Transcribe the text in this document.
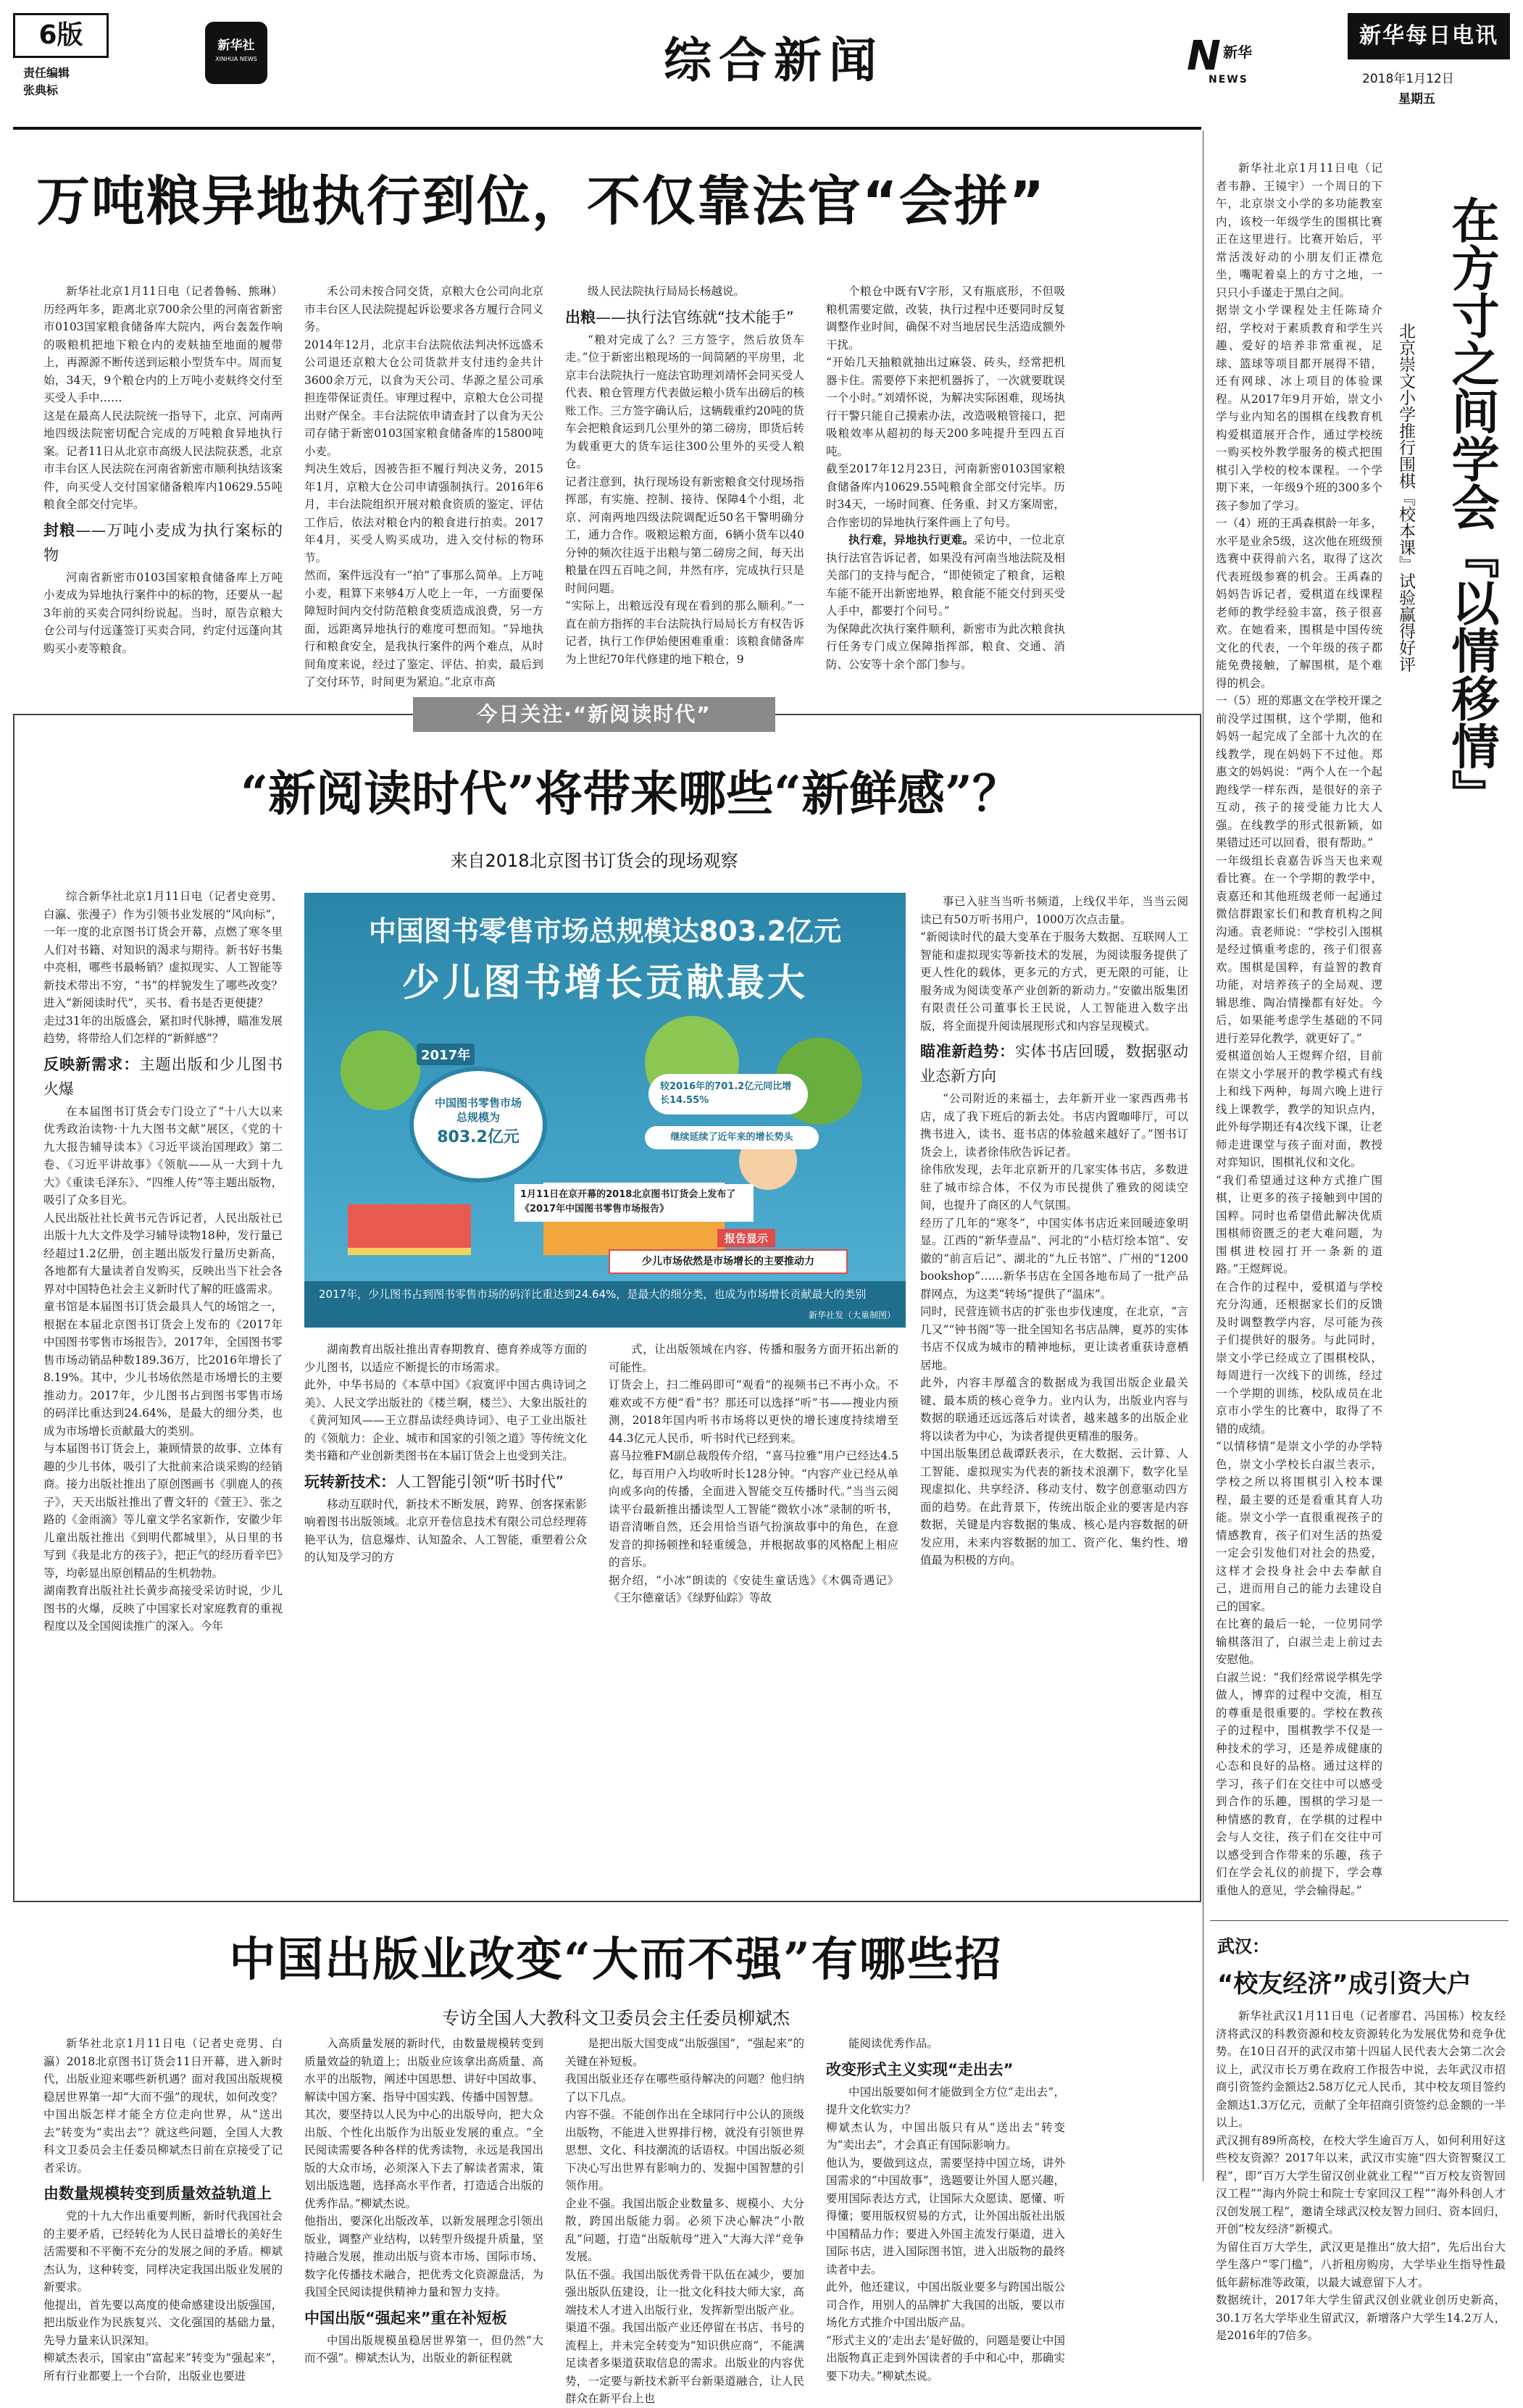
6版
责任编辑
张典标
新华社
XINHUA NEWS	综合新闻	N 新华
NEWS
新华每日电讯
2018年1月12日
星期五
万吨粮异地执行到位，不仅靠法官“会拼”

新华社北京1月11日电（记者鲁畅、熊琳）历经两年多，距离北京700余公里的河南省新密市0103国家粮食储备库大院内，两台轰轰作响的吸粮机把地下粮仓内的麦麸抽至地面的履带上，再源源不断传送到运粮小型货车中。周而复始，34天，9个粮仓内的上万吨小麦麸终交付至买受人手中……
这是在最高人民法院统一指导下，北京、河南两地四级法院密切配合完成的万吨粮食异地执行案。记者11日从北京市高级人民法院获悉，北京市丰台区人民法院在河南省新密市顺利执结该案件，向买受人交付国家储备粮库内10629.55吨粮食全部交付完毕。

封粮——万吨小麦成为执行案标的物

河南省新密市0103国家粮食储备库上万吨小麦成为异地执行案件中的标的物，还要从一起3年前的买卖合同纠纷说起。当时，原告京粮大仓公司与付远蓬签订买卖合同，约定付远蓬向其购买小麦等粮食。

禾公司未按合同交货，京粮大仓公司向北京市丰台区人民法院提起诉讼要求各方履行合同义务。
2014年12月，北京丰台法院依法判决怀远盛禾公司退还京粮大仓公司货款并支付违约金共计3600余万元，以食为天公司、华源之星公司承担连带保证责任。审理过程中，京粮大仓公司提出财产保全。丰台法院依申请查封了以食为天公司存储于新密0103国家粮食储备库的15800吨小麦。
判决生效后，因被告拒不履行判决义务，2015年1月，京粮大仓公司申请强制执行。2016年6月，丰台法院组织开展对粮食资质的鉴定、评估工作后，依法对粮仓内的粮食进行拍卖。2017年4月，买受人购买成功，进入交付标的物环节。
然而，案件远没有一“拍”了事那么简单。上万吨小麦，粗算下来够4万人吃上一年，一方面要保障短时间内交付防范粮食变质造成浪费，另一方面，远距离异地执行的难度可想而知。“异地执行和粮食安全，是我执行案件的两个难点，从时间角度来说，经过了鉴定、评估、拍卖，最后到了交付环节，时间更为紧迫。”北京市高

级人民法院执行局局长杨越说。

出粮——执行法官练就“技术能手”

“粮对完成了么？三方签字，然后放货车走。”位于新密出粮现场的一间简陋的平房里，北京丰台法院执行一庭法官助理刘靖怀会同买受人代表、粮仓管理方代表做运粮小货车出磅后的核账工作。三方签字确认后，这辆载重约20吨的货车会把粮食运到几公里外的第二磅房，即货后转为载重更大的货车运往300公里外的买受人粮仓。
记者注意到，执行现场设有新密粮食交付现场指挥部，有实施、控制、接待、保障4个小组，北京、河南两地四级法院调配近50名干警明确分工，通力合作。吸粮运粮方面，6辆小货车以40分钟的频次往返于出粮与第二磅房之间，每天出粮量在四五百吨之间，井然有序，完成执行只是时间问题。
“实际上，出粮远没有现在看到的那么顺利。”一直在前方指挥的丰台法院执行局局长方有权告诉记者，执行工作伊始便困难重重：该粮食储备库为上世纪70年代修建的地下粮仓，9

个粮仓中既有V字形，又有瓶底形，不但吸粮机需要定做，改装，执行过程中还要同时反复调整作业时间，确保不对当地居民生活造成额外干扰。
“开始几天抽粮就抽出过麻袋、砖头，经常把机器卡住。需要停下来把机器拆了，一次就要耽误一个小时。”刘靖怀说，为解决实际困难，现场执行干警只能自己摸索办法，改造吸粮管接口，把吸粮效率从超初的每天200多吨提升至四五百吨。
截至2017年12月23日，河南新密0103国家粮食储备库内10629.55吨粮食全部交付完毕。历时34天，一场时间赛、任务重、封又方案周密，合作密切的异地执行案件画上了句号。

执行难，异地执行更难。采访中，一位北京执行法官告诉记者，如果没有河南当地法院及相关部门的支持与配合，“即使锁定了粮食，运粮车能不能开出新密地界，粮食能不能交付到买受人手中，都要打个问号。”
为保障此次执行案件顺利，新密市为此次粮食执行任务专门成立保障指挥部，粮食、交通、消防、公安等十余个部门参与。	在方寸之间学会『以情移情』
北京崇文小学推行围棋『校本课』试验赢得好评

新华社北京1月11日电（记者韦静、王镜宇）一个周日的下午，北京崇文小学的多功能教室内，该校一年级学生的围棋比赛正在这里进行。比赛开始后，平常活泼好动的小朋友们正襟危坐，嘴呢着桌上的方寸之地，一只只小手谨走于黑白之间。
据崇文小学课程处主任陈琦介绍，学校对于素质教育和学生兴趣、爱好的培养非常重视，足球、篮球等项目都开展得不错，还有网球、冰上项目的体验课程。从2017年9月开始，崇文小学与业内知名的围棋在线教育机构爱棋道展开合作，通过学校统一购买校外教学服务的模式把围棋引入学校的校本课程。一个学期下来，一年级9个班的300多个孩子参加了学习。
一（4）班的王禹森棋龄一年多，水平是业余5级，这次他在班级预选赛中获得前六名，取得了这次代表班级参赛的机会。王禹森的妈妈告诉记者，爱棋道在线课程老师的教学经验丰富，孩子很喜欢。在她看来，围棋是中国传统文化的代表，一个年级的孩子都能免费接触，了解围棋，是个难得的机会。
一（5）班的郑惠文在学校开课之前没学过围棋，这个学期，他和妈妈一起完成了全部十九次的在线教学，现在妈妈下不过他。郑惠文的妈妈说：“两个人在一个起跑线学一样东西，是很好的亲子互动，孩子的接受能力比大人强。在线教学的形式很新颖，如果错过还可以回看，很有帮助。”
一年级组长袁嘉告诉当天也来观看比赛。在一个学期的教学中，袁嘉还和其他班级老师一起通过微信群跟家长们和教育机构之间沟通。袁老师说：“学校引入围棋是经过慎重考虑的，孩子们很喜欢。围棋是国粹，有益智的教育功能，对培养孩子的全局观、逻辑思维、陶冶情操都有好处。今后，如果能考虑学生基础的不同进行差异化教学，就更好了。”
爱棋道创始人王煜辉介绍，目前在崇文小学展开的教学模式有线上和线下两种，每周六晚上进行线上课教学，教学的知识点内，此外每学期还有4次线下课，让老师走进课堂与孩子面对面，教授对弈知识，围棋礼仪和文化。
“我们希望通过这种方式推广围棋，让更多的孩子接触到中国的国粹。同时也希望借此解决优质围棋师资匮乏的老大难问题，为围棋进校园打开一条新的道路。”王煜辉说。
在合作的过程中，爱棋道与学校充分沟通，还根据家长们的反馈及时调整教学内容，尽可能为孩子们提供好的服务。与此同时，崇文小学已经成立了围棋校队，每周进行一次线下的训练，经过一个学期的训练，校队成员在北京市小学生的比赛中，取得了不错的成绩。
“以情移情”是崇文小学的办学特色，崇文小学校长白淑兰表示，学校之所以将围棋引入校本课程，最主要的还是看重其育人功能。崇文小学一直很重视孩子的情感教育，孩子们对生活的热爱一定会引发他们对社会的热爱，这样才会投身社会中去奉献自己，进而用自己的能力去建设自己的国家。
在比赛的最后一轮，一位男同学输棋落泪了，白淑兰走上前过去安慰他。
白淑兰说：“我们经常说学棋先学做人，博弈的过程中交流，相互的尊重是很重要的。学校在教孩子的过程中，围棋教学不仅是一种技术的学习，还是养成健康的心态和良好的品格。通过这样的学习，孩子们在交往中可以感受到合作的乐趣，围棋的学习是一种情感的教育，在学棋的过程中会与人交往，孩子们在交往中可以感受到合作带来的乐趣，孩子们在学会礼仪的前提下，学会尊重他人的意见，学会输得起。”

今日关注·“新阅读时代”
“新阅读时代”将带来哪些“新鲜感”？
来自2018北京图书订货会的现场观察

综合新华社北京1月11日电（记者史竞男、白瀛、张漫子）作为引领书业发展的“风向标”，一年一度的北京图书订货会开幕，点燃了寒冬里人们对书籍、对知识的渴求与期待。新书好书集中亮相，哪些书最畅销？虚拟现实、人工智能等新技术带出不穷，“书”的样貌发生了哪些改变？进入“新阅读时代”，买书、看书是否更便捷？
走过31年的出版盛会，紧扣时代脉搏，瞄准发展趋势，将带给人们怎样的“新鲜感”？

反映新需求：主题出版和少儿图书火爆

在本届图书订货会专门设立了“十八大以来优秀政治读物·十九大图书文献”展区，《党的十九大报告辅导读本》《习近平谈治国理政》第二卷、《习近平讲故事》《领航——从一大到十九大》《重读毛泽东》、“四维人传”等主题出版物，吸引了众多目光。
人民出版社社长黄书元告诉记者，人民出版社已出版十九大文件及学习辅导读物18种，发行量已经超过1.2亿册，创主题出版发行量历史新高，各地都有大量读者自发购买，反映出当下社会各界对中国特色社会主义新时代了解的旺盛需求。
童书馆是本届图书订货会最具人气的场馆之一，根据在本届北京图书订货会上发布的《2017年中国图书零售市场报告》，2017年，全国图书零售市场动销品种数189.36万，比2016年增长了8.19%。其中，少儿书场依然是市场增长的主要推动力。2017年，少儿图书占到图书零售市场的码洋比重达到24.64%，是最大的细分类，也成为市场增长贡献最大的类别。
与本届图书订货会上，兼顾情景的故事、立体有趣的少儿书体，吸引了大批前来洽谈采购的经销商。接力出版社推出了原创图画书《驯鹿人的孩子》，天天出版社推出了曹文轩的《萱王》、张之路的《金雨滴》等儿童文学名家新作，安徽少年儿童出版社推出《到明代都城里》，从日里的书写到《我是北方的孩子》，把正气的经历看辛巴》等，均彰显出原创精品的生机勃勃。
湖南教育出版社社长黄步高接受采访时说，少儿图书的火爆，反映了中国家长对家庭教育的重视程度以及全国阅读推广的深入。今年

中国图书零售市场总规模达803.2亿元
少儿图书增长贡献最大
2017年
中国图书零售市场总规模为
803.2亿元
较2016年的701.2亿元同比增长14.55%
继续延续了近年来的增长势头
1月11日在京开幕的2018北京图书订货会上发布了《2017年中国图书零售市场报告》
报告显示
少儿市场依然是市场增长的主要推动力
2017年，少儿图书占到图书零售市场的码洋比重达到24.64%，是最大的细分类，也成为市场增长贡献最大的类别
新华社发（大巢制图）

湖南教育出版社推出青春期教育、德育养成等方面的少儿图书，以适应不断提长的市场需求。
此外，中华书局的《本草中国》《寂寞评中国古典诗词之美》、人民文学出版社的《楼兰啊，楼兰》、大象出版社的《黄河知风——王立群品读经典诗词》、电子工业出版社的《领航力：企业、城市和国家的引领之道》等传统文化类书籍和产业创新类图书在本届订货会上也受到关注。

玩转新技术：人工智能引领“听书时代”

移动互联时代，新技术不断发展，跨界、创客探索影响着图书出版领域。北京开卷信息技术有限公司总经理蒋艳平认为，信息爆炸、认知盈余、人工智能，重塑着公众的认知及学习的方

式，让出版领域在内容、传播和服务方面开拓出新的可能性。
订货会上，扫二维码即可“观看”的视频书已不再小众。不难欢或不方便“看”书？那还可以选择“听”书——搜业内预测，2018年国内听书市场将以更快的增长速度持续增至44.3亿元人民币，听书时代已经到来。
喜马拉雅FM副总裁殷传介绍，“喜马拉雅”用户已经达4.5亿，每百用户入均收听时长128分钟。“内容产业已经从单向或多向的传播，全面进入智能交互传播时代。”当当云阅读平台最新推出播读型人工智能“微软小冰”录制的听书，语音清晰自然，还会用恰当语气扮演故事中的角色，在意发音的抑扬顿挫和轻重缓急，并根据故事的风格配上相应的音乐。
据介绍，“小冰”朗读的《安徒生童话选》《木偶奇遇记》《王尔德童话》《绿野仙踪》等故

事已入驻当当听书频道，上线仅半年，当当云阅读已有50万听书用户，1000万次点击量。
“新阅读时代的最大变革在于服务大数据、互联网人工智能和虚拟现实等新技术的发展，为阅读服务提供了更人性化的载体，更多元的方式，更无限的可能，让服务成为阅读变革产业创新的新动力。”安徽出版集团有限责任公司董事长王民说，人工智能进入数字出版，将全面提升阅读展现形式和内容呈现模式。

瞄准新趋势：实体书店回暖，数据驱动业态新方向

“公司附近的来福士，去年新开业一家西西弗书店，成了我下班后的新去处。书店内置咖啡厅，可以携书进入，读书、逛书店的体验越来越好了。”图书订货会上，读者徐伟欣告诉记者。
徐伟欣发现，去年北京新开的几家实体书店，多数进驻了城市综合体，不仅为市民提供了雅致的阅读空间，也提升了商区的人气氛围。
经历了几年的“寒冬”，中国实体书店近来回暖迹象明显。江西的“新华壹品”、河北的“小桔灯绘本馆”、安徽的“前言后记”、湖北的“九丘书馆”、广州的“1200 bookshop”……新华书店在全国各地布局了一批产品群网点，为这类“转场”提供了“温床”。
同时，民营连锁书店的扩张也步伐速度，在北京，“言几又”“钟书阁”等一批全国知名书店品牌，夏苏的实体书店不仅成为城市的精神地标，更让读者重获诗意栖居地。
此外，内容丰厚蕴含的数据成为我国出版企业最关键、最本质的核心竞争力。业内认为，出版业内容与数据的联通还远远落后对读者，越来越多的出版企业将以读者为中心，为读者提供更精准的服务。
中国出版集团总裁谭跃表示，在大数据、云计算、人工智能、虚拟现实为代表的新技术浪潮下，数字化呈现虚拟化、共享经济、移动支付、数字创意驱动四方面的趋势。在此背景下，传统出版企业的要害是内容数据，关键是内容数据的集成、核心是内容数据的研发应用，未来内容数据的加工、资产化、集约性、增值最为积极的方向。

中国出版业改变“大而不强”有哪些招
专访全国人大教科文卫委员会主任委员柳斌杰

新华社北京1月11日电（记者史竞男、白瀛）2018北京图书订货会11日开幕，进入新时代，出版业迎来哪些新机遇？面对我国出版规模稳居世界第一却“大而不强”的现状，如何改变？中国出版怎样才能全方位走向世界，从“送出去”转变为“卖出去”？就这些问题，全国人大教科文卫委员会主任委员柳斌杰日前在京接受了记者采访。

由数量规模转变到质量效益轨道上

党的十九大作出重要判断，新时代我国社会的主要矛盾，已经转化为人民日益增长的美好生活需要和不平衡不充分的发展之间的矛盾。柳斌杰认为，这种转变，同样决定我国出版业发展的新要求。
他提出，首先要以高度的使命感建设出版强国，把出版业作为民族复兴、文化强国的基础力量，先导力量来认识深知。
柳斌杰表示，国家由“富起来”转变为“强起来”，所有行业都要上一个台阶，出版业也要进

入高质量发展的新时代，由数量规模转变到质量效益的轨道上；出版业应该拿出高质量、高水平的出版物，阐述中国思想、讲好中国故事、解读中国方案、指导中国实践、传播中国智慧。
其次，要坚持以人民为中心的出版导向，把大众出版、个性化出版作为出版业发展的重点。“全民阅读需要各种各样的优秀读物，永远是我国出版的大众市场，必须深入下去了解读者需求，策划出版选题，选择高水平作者，打造适合出版的优秀作品。”柳斌杰说。
他指出，要深化出版改革，以新发展理念引领出版业，调整产业结构，以转型升级提升质量，坚持融合发展，推动出版与资本市场、国际市场、数字化传播技术融合，把优秀文化资源盘活，为我国全民阅读提供精神力量和智力支持。

中国出版“强起来”重在补短板

中国出版规模虽稳居世界第一，但仍然“大而不强”。柳斌杰认为，出版业的新征程就

是把出版大国变成“出版强国”，“强起来”的关键在补短板。
我国出版业还存在哪些亟待解决的问题？他归纳了以下几点。
内容不强。不能创作出在全球同行中公认的顶级出版物，不能进入世界排行榜，就没有引领世界思想、文化、科技潮流的话语权。中国出版必须下决心写出世界有影响力的、发掘中国智慧的引领作用。
企业不强。我国出版企业数量多、规模小、大分散，跨国出版能力弱。必须下决心解决“小散乱”问题，打造“出版航母”进入“大海大洋”竞争发展。
队伍不强。我国出版优秀骨干队伍在减少，要加强出版队伍建设，让一批文化科技大师大家，高端技术人才进入出版行业，发挥新型出版产业。
渠道不强。我国出版产业还停留在书店、书号的流程上，并未完全转变为“知识供应商”，不能满足读者多渠道获取信息的需求。出版业的内容优势，一定要与新技术新平台新渠道融合，让人民群众在新平台上也

能阅读优秀作品。

改变形式主义实现“走出去”

中国出版要如何才能做到全方位“走出去”，提升文化软实力？
柳斌杰认为，中国出版只有从“送出去”转变为“卖出去”，才会真正有国际影响力。
他认为，要做到这点，需要坚持中国立场，讲外国需求的“中国故事”，选题要让外国人愿兴趣，要用国际表达方式，让国际大众愿读、愿懂、听得懂；要用版权贸易的方式，让外国出版社出版中国精品力作；要进入外国主流发行渠道，进入国际书店，进入国际图书馆，进入出版物的最终读者中去。
此外，他还建议，中国出版业要多与跨国出版公司合作，用别人的品牌扩大我国的出版，要以市场化方式推介中国出版产品。
“形式主义的‘走出去’是好做的，问题是要让中国出版物真正走到外国读者的手中和心中，那确实要下功夫。”柳斌杰说。

武汉：
“校友经济”成引资大户

新华社武汉1月11日电（记者廖君、冯国栋）校友经济将武汉的科教资源和校友资源转化为发展优势和竞争优势。在10日召开的武汉市第十四届人民代表大会第二次会议上，武汉市长万勇在政府工作报告中说，去年武汉市招商引资签约金额达2.58万亿元人民币，其中校友项目签约金额达1.3万亿元，贡献了全年招商引资签约总金额的一半以上。
武汉拥有89所高校，在校大学生逾百万人，如何利用好这些校友资源？2017年以来，武汉市实施“四大资智聚汉工程”，即“百万大学生留汉创业就业工程”“百万校友资智回汉工程”“海内外院士和院士专家回汉工程”“海外科创人才汉创发展工程”，邀请全球武汉校友智力回归、资本回归，开创“校友经济”新模式。
为留住百万大学生，武汉更是推出“放大招”，先后出台大学生落户“零门槛”，八折租房购房，大学毕业生指导性最低年薪标准等政策，以最大诚意留下人才。
数据统计，2017年大学生留武汉创业就业创历史新高，30.1万名大学毕业生留武汉，新增落户大学生14.2万人，是2016年的7倍多。
